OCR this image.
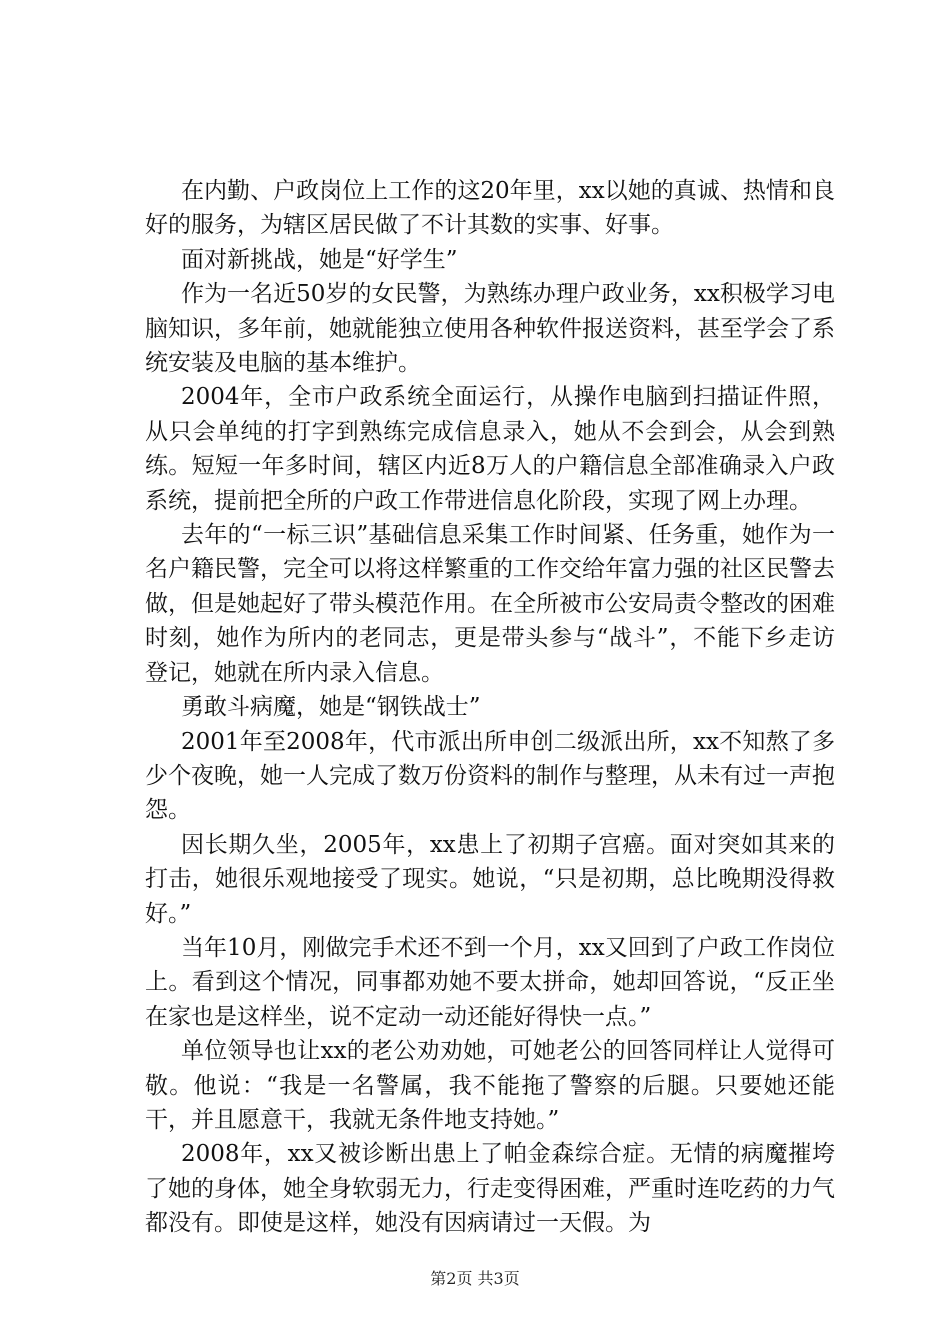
在内勤、户政岗位上工作的这20年里，xx以她的真诚、热情和良好的服务，为辖区居民做了不计其数的实事、好事。

面对新挑战，她是“好学生”

作为一名近50岁的女民警，为熟练办理户政业务，xx积极学习电脑知识，多年前，她就能独立使用各种软件报送资料，甚至学会了系统安装及电脑的基本维护。

2004年，全市户政系统全面运行，从操作电脑到扫描证件照，从只会单纯的打字到熟练完成信息录入，她从不会到会，从会到熟练。短短一年多时间，辖区内近8万人的户籍信息全部准确录入户政系统，提前把全所的户政工作带进信息化阶段，实现了网上办理。

去年的“一标三识”基础信息采集工作时间紧、任务重，她作为一名户籍民警，完全可以将这样繁重的工作交给年富力强的社区民警去做，但是她起好了带头模范作用。在全所被市公安局责令整改的困难时刻，她作为所内的老同志，更是带头参与“战斗”，不能下乡走访登记，她就在所内录入信息。

勇敢斗病魔，她是“钢铁战士”

2001年至2008年，代市派出所申创二级派出所，xx不知熬了多少个夜晚，她一人完成了数万份资料的制作与整理，从未有过一声抱怨。

因长期久坐，2005年，xx患上了初期子宫癌。面对突如其来的打击，她很乐观地接受了现实。她说，“只是初期，总比晚期没得救好。”

当年10月，刚做完手术还不到一个月，xx又回到了户政工作岗位上。看到这个情况，同事都劝她不要太拼命，她却回答说，“反正坐在家也是这样坐，说不定动一动还能好得快一点。”

单位领导也让xx的老公劝劝她，可她老公的回答同样让人觉得可敬。他说：“我是一名警属，我不能拖了警察的后腿。只要她还能干，并且愿意干，我就无条件地支持她。”

2008年，xx又被诊断出患上了帕金森综合症。无情的病魔摧垮了她的身体，她全身软弱无力，行走变得困难，严重时连吃药的力气都没有。即使是这样，她没有因病请过一天假。为

第2页 共3页
